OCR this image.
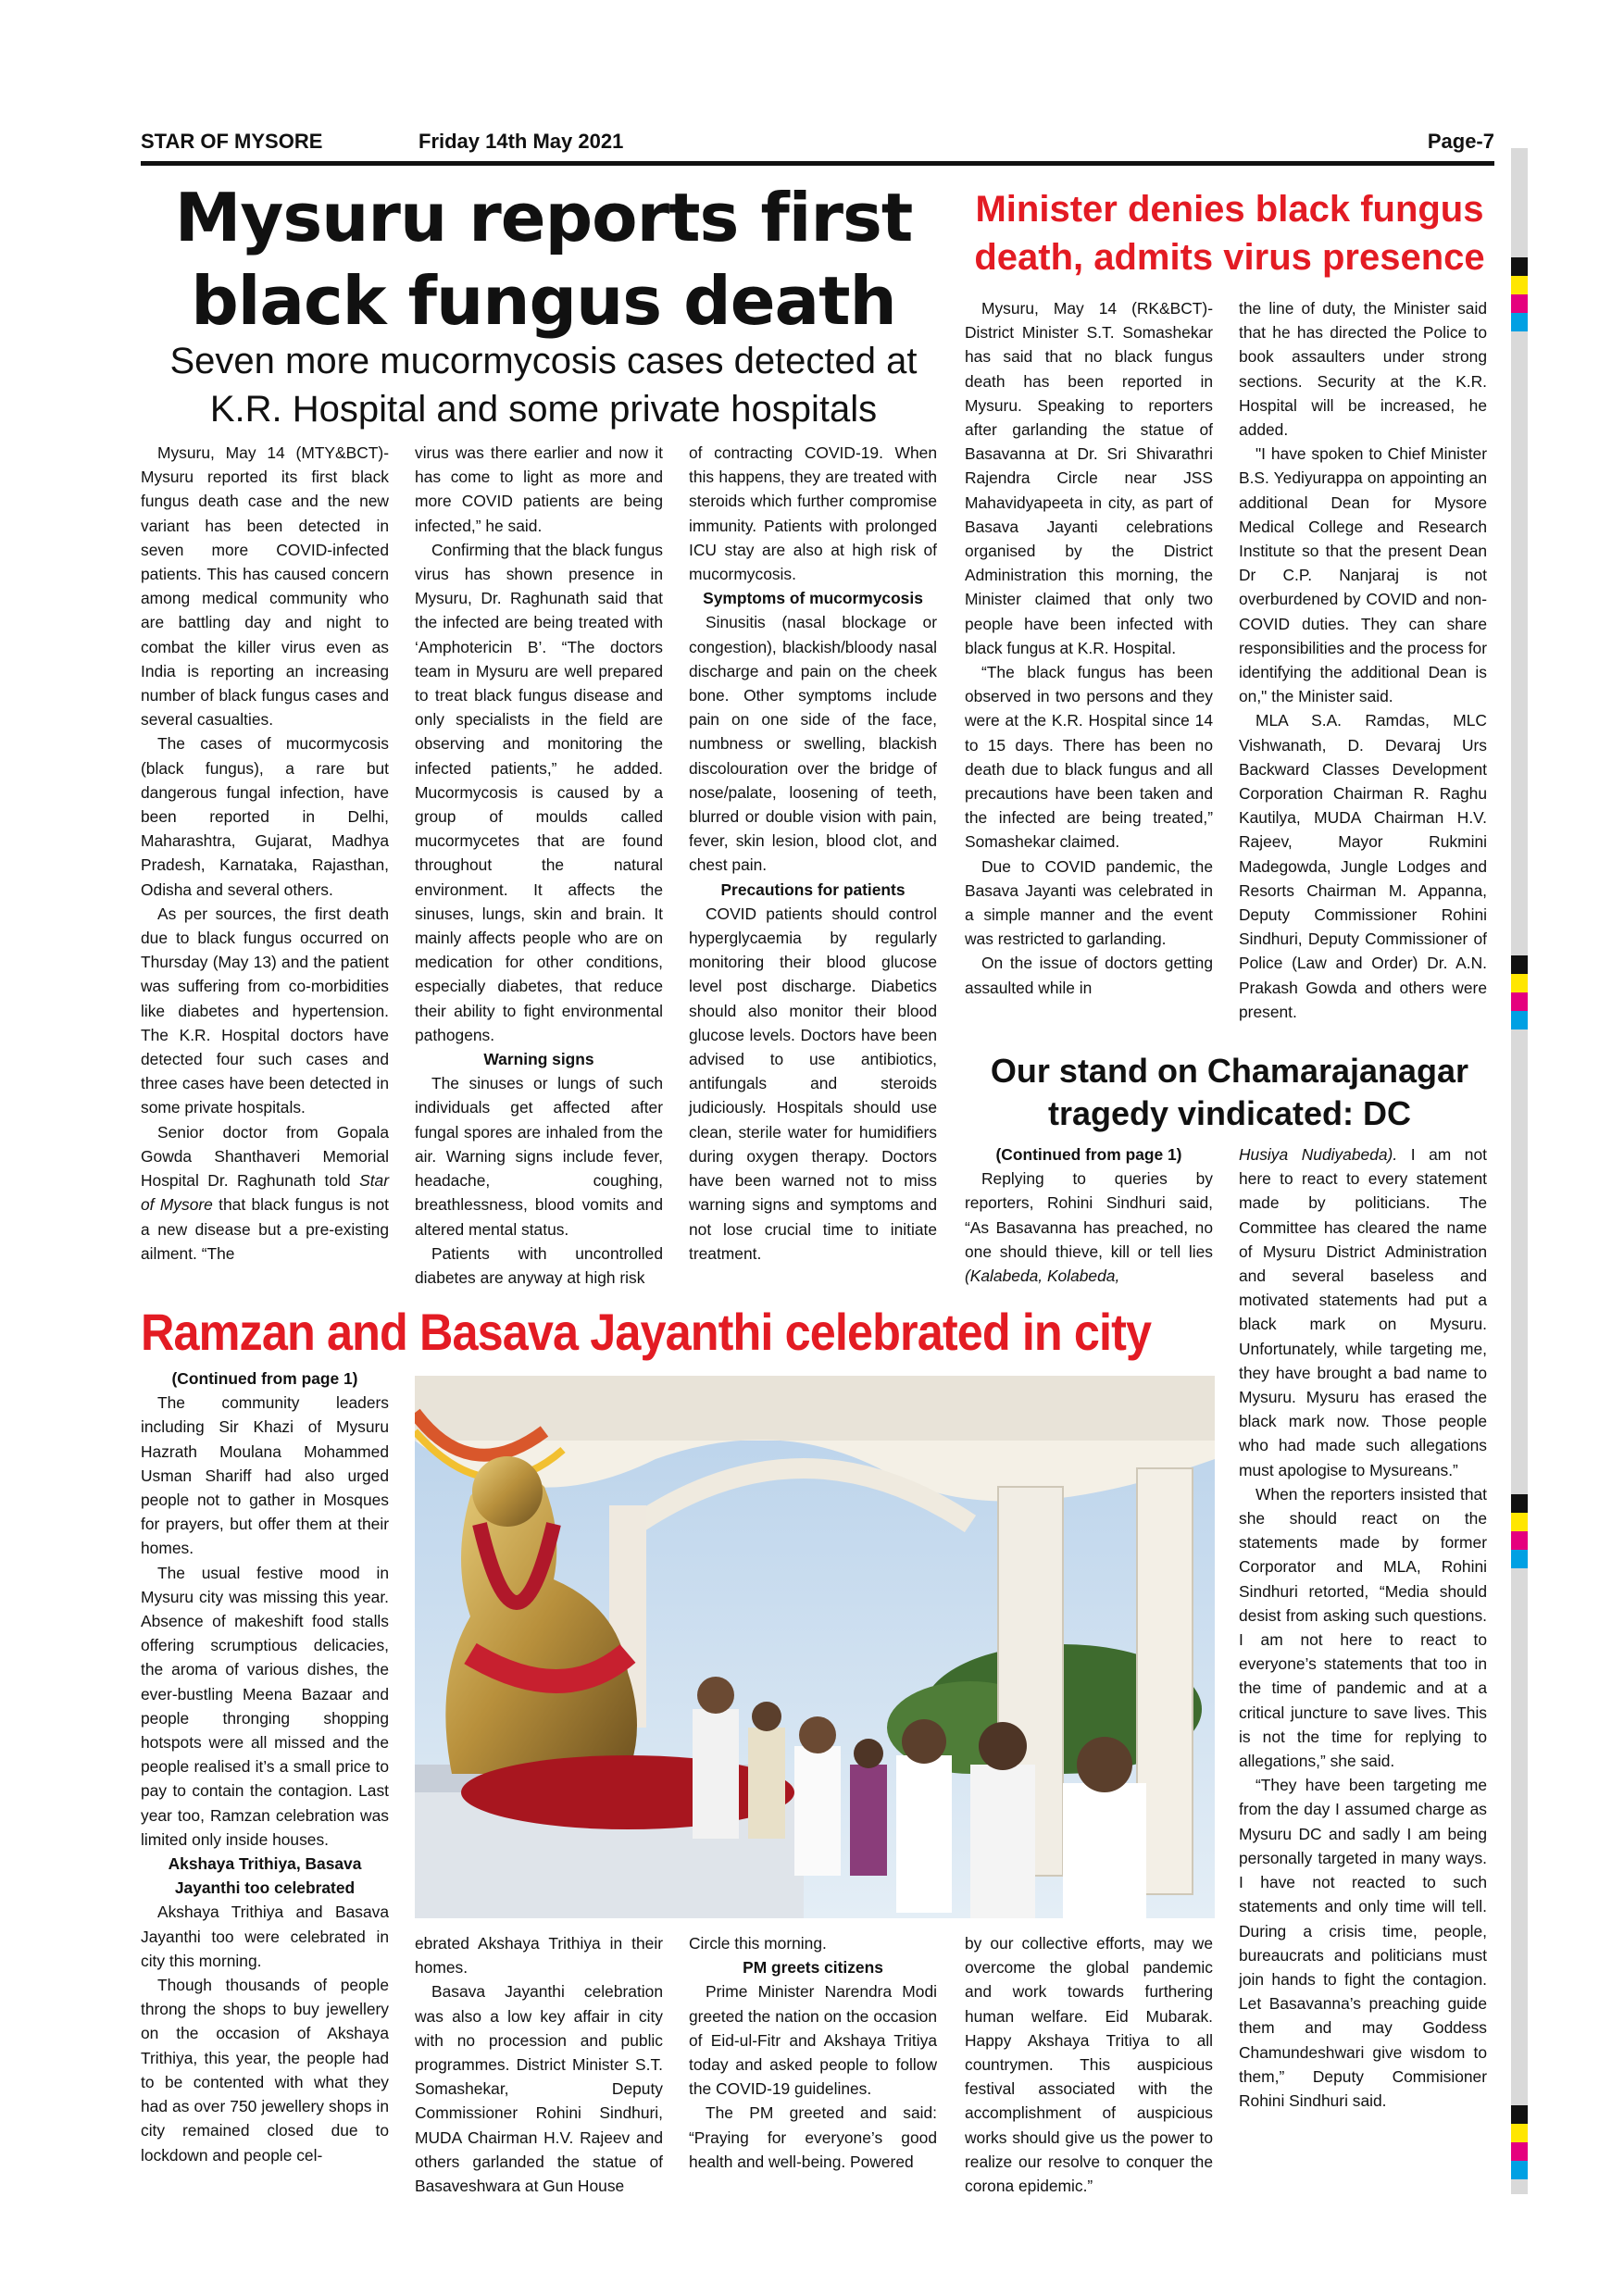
STAR OF MYSORE	Friday 14th May 2021	Page-7
Mysuru reports first
black fungus death
Seven more mucormycosis cases detected at
K.R. Hospital and some private hospitals

Mysuru, May 14 (MTY&BCT)- Mysuru reported its first black fungus death case and the new variant has been detected in seven more COVID-infected patients. This has caused concern among medical community who are battling day and night to combat the killer virus even as India is reporting an increasing number of black fungus cases and several casualties.

The cases of mucormycosis (black fungus), a rare but dangerous fungal infection, have been reported in Delhi, Maharashtra, Gujarat, Madhya Pradesh, Karnataka, Rajasthan, Odisha and several others.

As per sources, the first death due to black fungus occurred on Thursday (May 13) and the patient was suffering from co-morbidities like diabetes and hypertension. The K.R. Hospital doctors have detected four such cases and three cases have been detected in some private hospitals.

Senior doctor from Gopala Gowda Shanthaveri Memorial Hospital Dr. Raghunath told Star of Mysore that black fungus is not a new disease but a pre-existing ailment. “The

virus was there earlier and now it has come to light as more and more COVID patients are being infected,” he said.

Confirming that the black fungus virus has shown presence in Mysuru, Dr. Raghunath said that the infected are being treated with ‘Amphotericin B’. “The doctors team in Mysuru are well prepared to treat black fungus disease and only specialists in the field are observing and monitoring the infected patients,” he added. Mucormycosis is caused by a group of moulds called mucormycetes that are found throughout the natural environment. It affects the sinuses, lungs, skin and brain. It mainly affects people who are on medication for other conditions, especially diabetes, that reduce their ability to fight environmental pathogens.

Warning signs

The sinuses or lungs of such individuals get affected after fungal spores are inhaled from the air. Warning signs include fever, headache, coughing, breathlessness, blood vomits and altered mental status.

Patients with uncontrolled diabetes are anyway at high risk

of contracting COVID-19. When this happens, they are treated with steroids which further compromise immunity. Patients with prolonged ICU stay are also at high risk of mucormycosis.

Symptoms of mucormycosis

Sinusitis (nasal blockage or congestion), blackish/bloody nasal discharge and pain on the cheek bone. Other symptoms include pain on one side of the face, numbness or swelling, blackish discolouration over the bridge of nose/palate, loosening of teeth, blurred or double vision with pain, fever, skin lesion, blood clot, and chest pain.

Precautions for patients

COVID patients should control hyperglycaemia by regularly monitoring their blood glucose level post discharge. Diabetics should also monitor their blood glucose levels. Doctors have been advised to use antibiotics, antifungals and steroids judiciously. Hospitals should use clean, sterile water for humidifiers during oxygen therapy. Doctors have been warned not to miss warning signs and symptoms and not lose crucial time to initiate treatment.

Minister denies black fungus
death, admits virus presence

Mysuru, May 14 (RK&BCT)- District Minister S.T. Somashekar has said that no black fungus death has been reported in Mysuru. Speaking to reporters after garlanding the statue of Basavanna at Dr. Sri Shivarathri Rajendra Circle near JSS Mahavidyapeeta in city, as part of Basava Jayanti celebrations organised by the District Administration this morning, the Minister claimed that only two people have been infected with black fungus at K.R. Hospital.

“The black fungus has been observed in two persons and they were at the K.R. Hospital since 14 to 15 days. There has been no death due to black fungus and all precautions have been taken and the infected are being treated,” Somashekar claimed.

Due to COVID pandemic, the Basava Jayanti was celebrated in a simple manner and the event was restricted to garlanding.

On the issue of doctors getting assaulted while in

the line of duty, the Minister said that he has directed the Police to book assaulters under strong sections. Security at the K.R. Hospital will be increased, he added.

"I have spoken to Chief Minister B.S. Yediyurappa on appointing an additional Dean for Mysore Medical College and Research Institute so that the present Dean Dr C.P. Nanjaraj is not overburdened by COVID and non-COVID duties. They can share responsibilities and the process for identifying the additional Dean is on," the Minister said.

MLA S.A. Ramdas, MLC Vishwanath, D. Devaraj Urs Backward Classes Development Corporation Chairman R. Raghu Kautilya, MUDA Chairman H.V. Rajeev, Mayor Rukmini Madegowda, Jungle Lodges and Resorts Chairman M. Appanna, Deputy Commissioner Rohini Sindhuri, Deputy Commissioner of Police (Law and Order) Dr. A.N. Prakash Gowda and others were present.

Our stand on Chamarajanagar
tragedy vindicated: DC

(Continued from page 1)

Replying to queries by reporters, Rohini Sindhuri said, “As Basavanna has preached, no one should thieve, kill or tell lies (Kalabeda, Kolabeda,

Husiya Nudiyabeda). I am not here to react to every statement made by politicians. The Committee has cleared the name of Mysuru District Administration and several baseless and motivated statements had put a black mark on Mysuru. Unfortunately, while targeting me, they have brought a bad name to Mysuru. Mysuru has erased the black mark now. Those people who had made such allegations must apologise to Mysureans.”

When the reporters insisted that she should react on the statements made by former Corporator and MLA, Rohini Sindhuri retorted, “Media should desist from asking such questions. I am not here to react to everyone’s statements that too in the time of pandemic and at a critical juncture to save lives. This is not the time for replying to allegations,” she said.

“They have been targeting me from the day I assumed charge as Mysuru DC and sadly I am being personally targeted in many ways. I have not reacted to such statements and only time will tell. During a crisis time, people, bureaucrats and politicians must join hands to fight the contagion. Let Basavanna’s preaching guide them and may Goddess Chamundeshwari give wisdom to them,” Deputy Commisioner Rohini Sindhuri said.

Ramzan and Basava Jayanthi celebrated in city

(Continued from page 1)

The community leaders including Sir Khazi of Mysuru Hazrath Moulana Mohammed Usman Shariff had also urged people not to gather in Mosques for prayers, but offer them at their homes.

The usual festive mood in Mysuru city was missing this year. Absence of makeshift food stalls offering scrumptious delicacies, the aroma of various dishes, the ever-bustling Meena Bazaar and people thronging shopping hotspots were all missed and the people realised it’s a small price to pay to contain the contagion. Last year too, Ramzan celebration was limited only inside houses.

Akshaya Trithiya, Basava Jayanthi too celebrated

Akshaya Trithiya and Basava Jayanthi too were celebrated in city this morning.

Though thousands of people throng the shops to buy jewellery on the occasion of Akshaya Trithiya, this year, the people had to be contented with what they had as over 750 jewellery shops in city remained closed due to lockdown and people cel-

ebrated Akshaya Trithiya in their homes.

Basava Jayanthi celebration was also a low key affair in city with no procession and public programmes. District Minister S.T. Somashekar, Deputy Commissioner Rohini Sindhuri, MUDA Chairman H.V. Rajeev and others garlanded the statue of Basaveshwara at Gun House

Circle this morning.

PM greets citizens

Prime Minister Narendra Modi greeted the nation on the occasion of Eid-ul-Fitr and Akshaya Tritiya today and asked people to follow the COVID-19 guidelines.

The PM greeted and said: “Praying for everyone’s good health and well-being. Powered

by our collective efforts, may we overcome the global pandemic and work towards furthering human welfare. Eid Mubarak. Happy Akshaya Tritiya to all countrymen. This auspicious festival associated with the accomplishment of auspicious works should give us the power to realize our resolve to conquer the corona epidemic.”
